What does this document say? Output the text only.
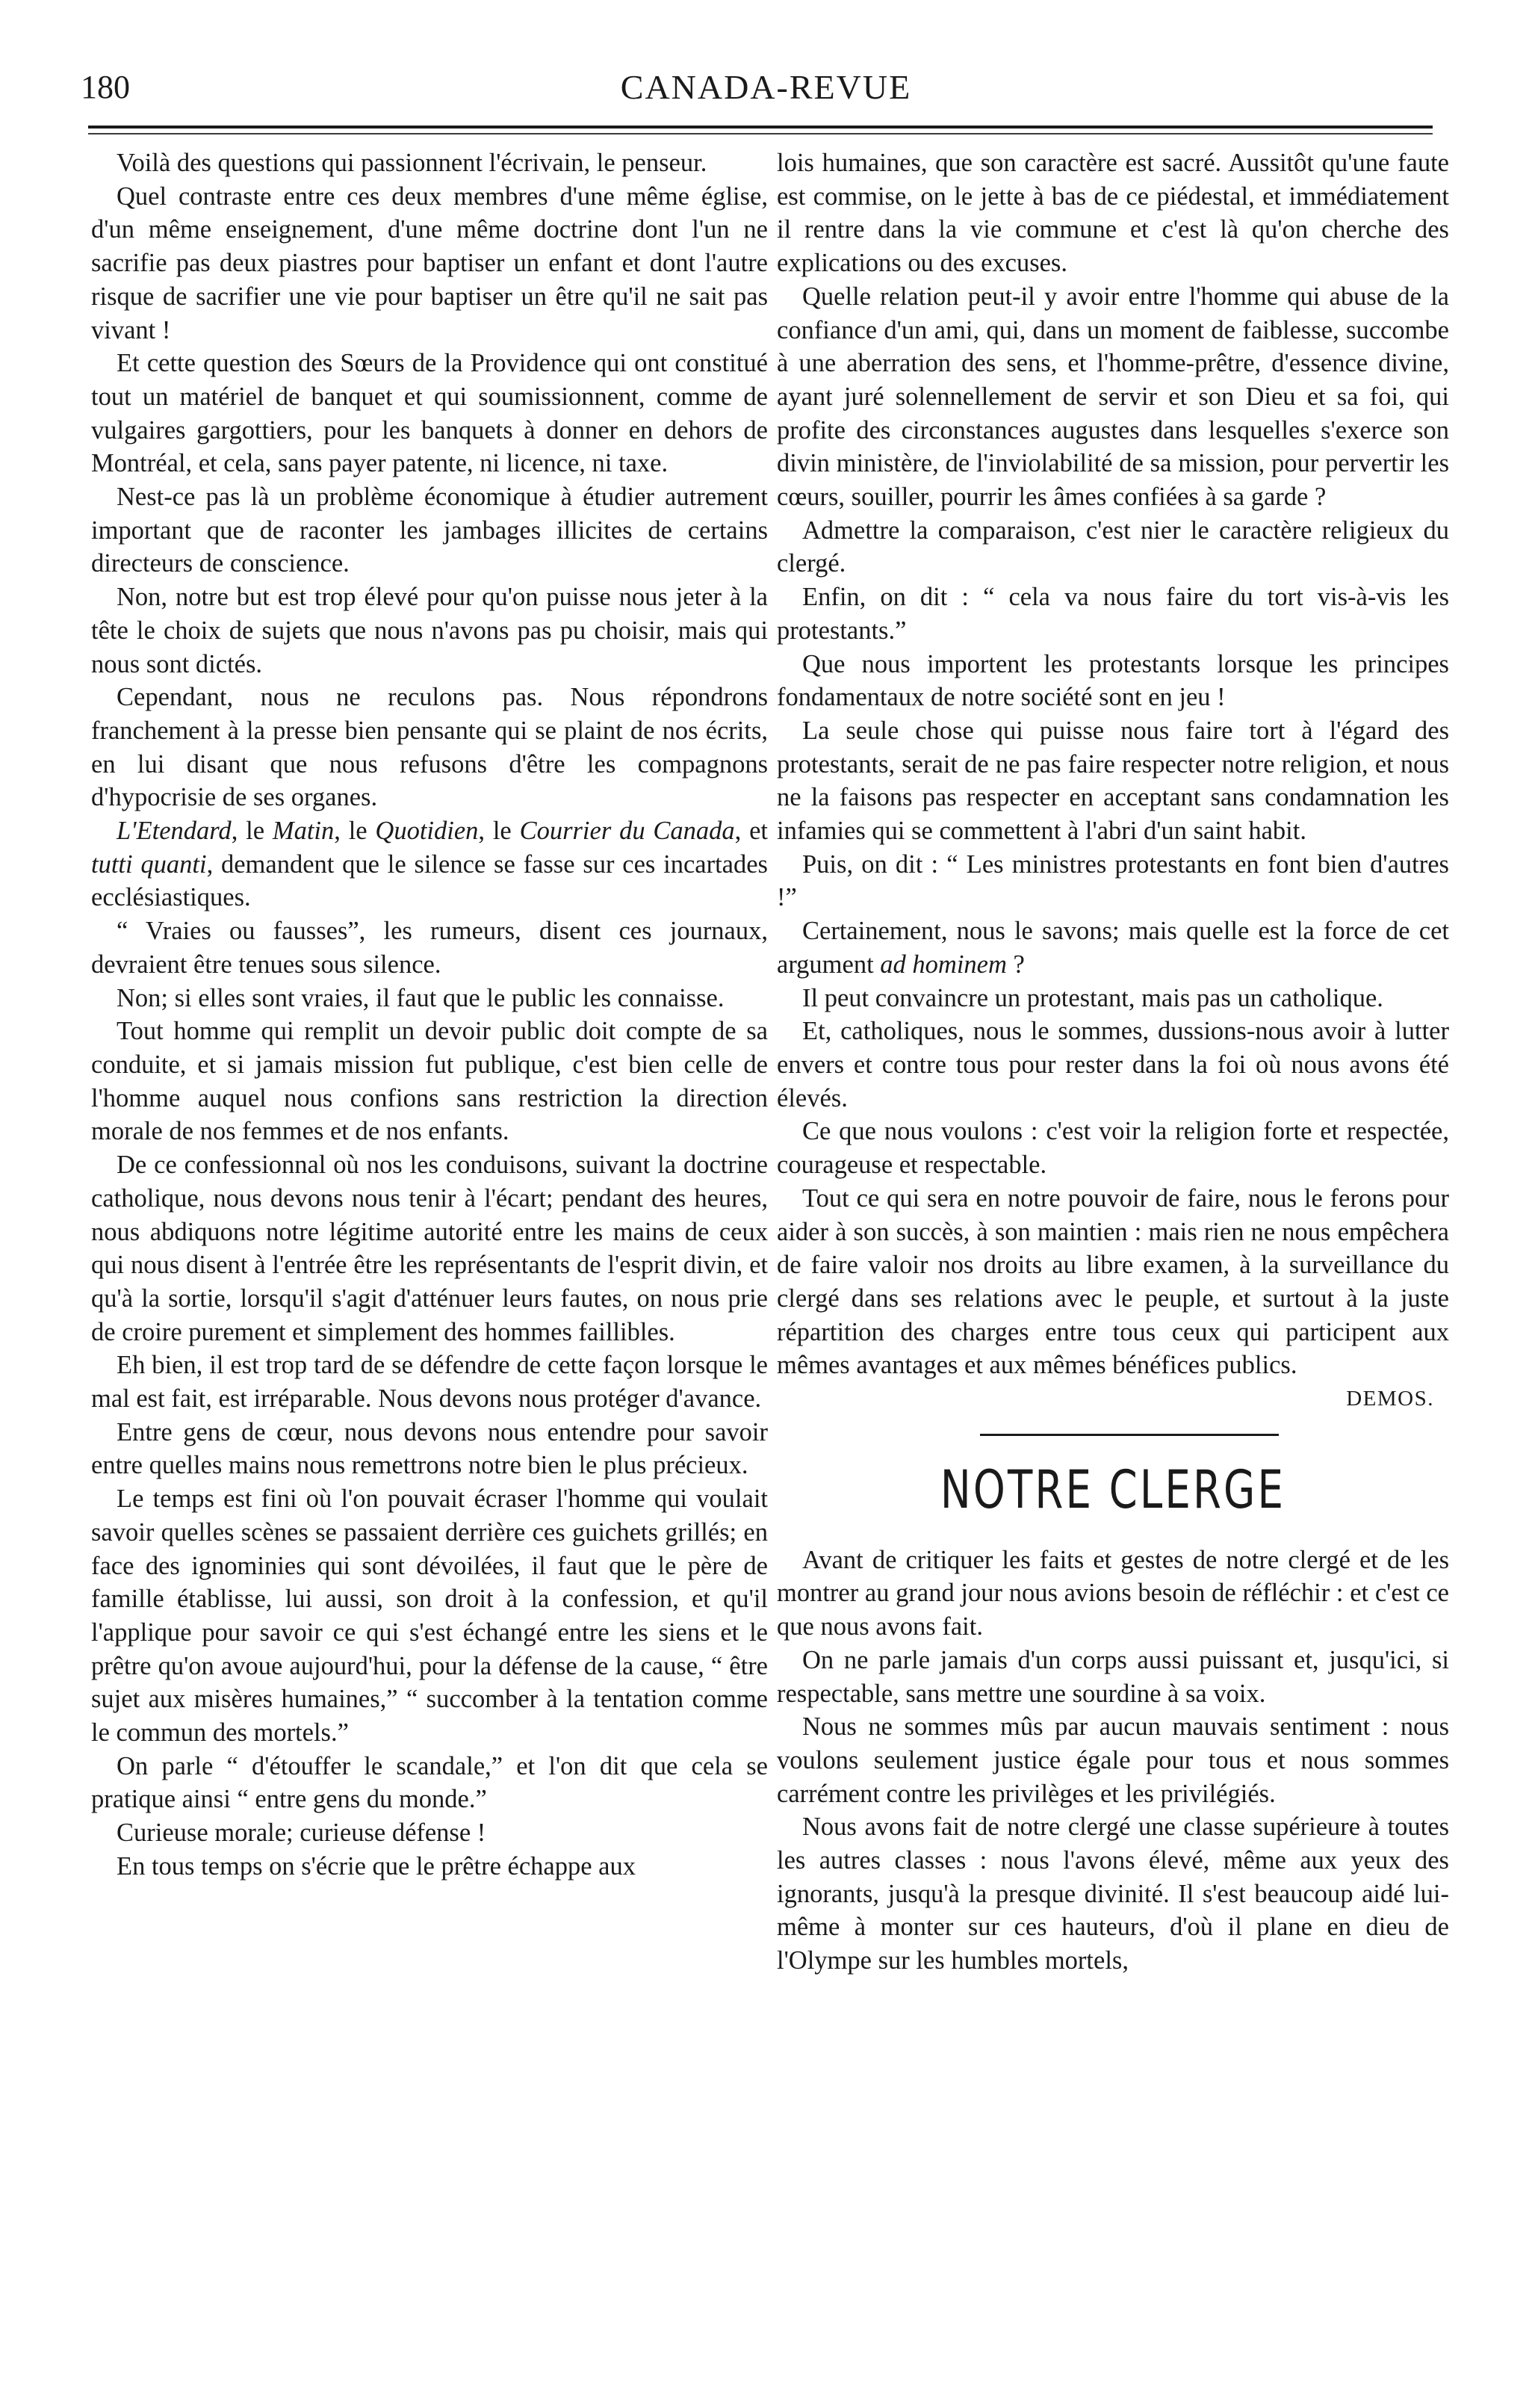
180	CANADA-REVUE

Voilà des questions qui passionnent l'écrivain, le penseur.

Quel contraste entre ces deux membres d'une même église, d'un même enseignement, d'une même doctrine dont l'un ne sacrifie pas deux piastres pour baptiser un enfant et dont l'autre risque de sacrifier une vie pour baptiser un être qu'il ne sait pas vivant !

Et cette question des Sœurs de la Providence qui ont constitué tout un matériel de banquet et qui soumissionnent, comme de vulgaires gargottiers, pour les banquets à donner en dehors de Montréal, et cela, sans payer patente, ni licence, ni taxe.

Nest-ce pas là un problème économique à étudier autrement important que de raconter les jambages illicites de certains directeurs de conscience.

Non, notre but est trop élevé pour qu'on puisse nous jeter à la tête le choix de sujets que nous n'avons pas pu choisir, mais qui nous sont dictés.

Cependant, nous ne reculons pas. Nous répondrons franchement à la presse bien pensante qui se plaint de nos écrits, en lui disant que nous refusons d'être les compagnons d'hypocrisie de ses organes.

L'Etendard, le Matin, le Quotidien, le Courrier du Canada, et tutti quanti, demandent que le silence se fasse sur ces incartades ecclésiastiques.

“ Vraies ou fausses”, les rumeurs, disent ces journaux, devraient être tenues sous silence.

Non; si elles sont vraies, il faut que le public les connaisse.

Tout homme qui remplit un devoir public doit compte de sa conduite, et si jamais mission fut publique, c'est bien celle de l'homme auquel nous confions sans restriction la direction morale de nos femmes et de nos enfants.

De ce confessionnal où nos les conduisons, suivant la doctrine catholique, nous devons nous tenir à l'écart; pendant des heures, nous abdiquons notre légitime autorité entre les mains de ceux qui nous disent à l'entrée être les représentants de l'esprit divin, et qu'à la sortie, lorsqu'il s'agit d'atténuer leurs fautes, on nous prie de croire purement et simplement des hommes faillibles.

Eh bien, il est trop tard de se défendre de cette façon lorsque le mal est fait, est irréparable. Nous devons nous protéger d'avance.

Entre gens de cœur, nous devons nous entendre pour savoir entre quelles mains nous remettrons notre bien le plus précieux.

Le temps est fini où l'on pouvait écraser l'homme qui voulait savoir quelles scènes se passaient derrière ces guichets grillés; en face des ignominies qui sont dévoilées, il faut que le père de famille établisse, lui aussi, son droit à la confession, et qu'il l'applique pour savoir ce qui s'est échangé entre les siens et le prêtre qu'on avoue aujourd'hui, pour la défense de la cause, “ être sujet aux misères humaines,” “ succomber à la tentation comme le commun des mortels.”

On parle “ d'étouffer le scandale,” et l'on dit que cela se pratique ainsi “ entre gens du monde.”

Curieuse morale; curieuse défense !

En tous temps on s'écrie que le prêtre échappe aux

lois humaines, que son caractère est sacré. Aussitôt qu'une faute est commise, on le jette à bas de ce piédestal, et immédiatement il rentre dans la vie commune et c'est là qu'on cherche des explications ou des excuses.

Quelle relation peut-il y avoir entre l'homme qui abuse de la confiance d'un ami, qui, dans un moment de faiblesse, succombe à une aberration des sens, et l'homme-prêtre, d'essence divine, ayant juré solennellement de servir et son Dieu et sa foi, qui profite des circonstances augustes dans lesquelles s'exerce son divin ministère, de l'inviolabilité de sa mission, pour pervertir les cœurs, souiller, pourrir les âmes confiées à sa garde ?

Admettre la comparaison, c'est nier le caractère religieux du clergé.

Enfin, on dit : “ cela va nous faire du tort vis-à-vis les protestants.”

Que nous importent les protestants lorsque les principes fondamentaux de notre société sont en jeu !

La seule chose qui puisse nous faire tort à l'égard des protestants, serait de ne pas faire respecter notre religion, et nous ne la faisons pas respecter en acceptant sans condamnation les infamies qui se commettent à l'abri d'un saint habit.

Puis, on dit : “ Les ministres protestants en font bien d'autres !”

Certainement, nous le savons; mais quelle est la force de cet argument ad hominem ?

Il peut convaincre un protestant, mais pas un catholique.

Et, catholiques, nous le sommes, dussions-nous avoir à lutter envers et contre tous pour rester dans la foi où nous avons été élevés.

Ce que nous voulons : c'est voir la religion forte et respectée, courageuse et respectable.

Tout ce qui sera en notre pouvoir de faire, nous le ferons pour aider à son succès, à son maintien : mais rien ne nous empêchera de faire valoir nos droits au libre examen, à la surveillance du clergé dans ses relations avec le peuple, et surtout à la juste répartition des charges entre tous ceux qui participent aux mêmes avantages et aux mêmes bénéfices publics.

DEMOS.

NOTRE CLERGE

Avant de critiquer les faits et gestes de notre clergé et de les montrer au grand jour nous avions besoin de réfléchir : et c'est ce que nous avons fait.

On ne parle jamais d'un corps aussi puissant et, jusqu'ici, si respectable, sans mettre une sourdine à sa voix.

Nous ne sommes mûs par aucun mauvais sentiment : nous voulons seulement justice égale pour tous et nous sommes carrément contre les privilèges et les privilégiés.

Nous avons fait de notre clergé une classe supérieure à toutes les autres classes : nous l'avons élevé, même aux yeux des ignorants, jusqu'à la presque divinité. Il s'est beaucoup aidé lui-même à monter sur ces hauteurs, d'où il plane en dieu de l'Olympe sur les humbles mortels,
